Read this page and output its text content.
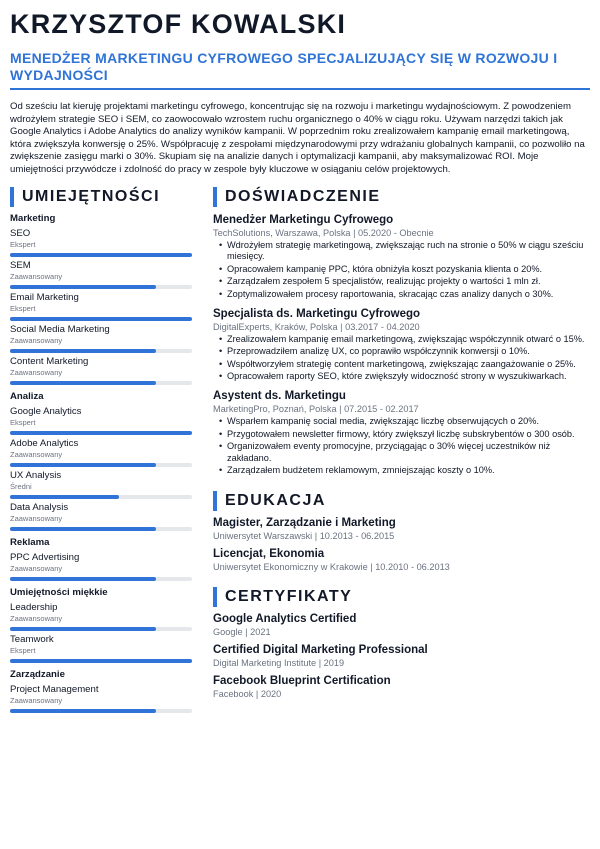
KRZYSZTOF KOWALSKI
MENEDŻER MARKETINGU CYFROWEGO SPECJALIZUJĄCY SIĘ W ROZWOJU I WYDAJNOŚCI
Od sześciu lat kieruję projektami marketingu cyfrowego, koncentrując się na rozwoju i marketingu wydajnościowym. Z powodzeniem wdrożyłem strategie SEO i SEM, co zaowocowało wzrostem ruchu organicznego o 40% w ciągu roku. Używam narzędzi takich jak Google Analytics i Adobe Analytics do analizy wyników kampanii. W poprzednim roku zrealizowałem kampanię email marketingową, która zwiększyła konwersję o 25%. Współpracuję z zespołami międzynarodowymi przy wdrażaniu globalnych kampanii, co pozwoliło na zwiększenie zasięgu marki o 30%. Skupiam się na analizie danych i optymalizacji kampanii, aby maksymalizować ROI. Moje umiejętności przywódcze i zdolność do pracy w zespole były kluczowe w osiąganiu celów projektowych.
UMIEJĘTNOŚCI
Marketing
SEO
Ekspert
SEM
Zaawansowany
Email Marketing
Ekspert
Social Media Marketing
Zaawansowany
Content Marketing
Zaawansowany
Analiza
Google Analytics
Ekspert
Adobe Analytics
Zaawansowany
UX Analysis
Średni
Data Analysis
Zaawansowany
Reklama
PPC Advertising
Zaawansowany
Umiejętności miękkie
Leadership
Zaawansowany
Teamwork
Ekspert
Zarządzanie
Project Management
Zaawansowany
DOŚWIADCZENIE
Menedżer Marketingu Cyfrowego
TechSolutions, Warszawa, Polska | 05.2020 - Obecnie
• Wdrożyłem strategię marketingową, zwiększając ruch na stronie o 50% w ciągu sześciu miesięcy.
• Opracowałem kampanię PPC, która obniżyła koszt pozyskania klienta o 20%.
• Zarządzałem zespołem 5 specjalistów, realizując projekty o wartości 1 mln zł.
• Zoptymalizowałem procesy raportowania, skracając czas analizy danych o 30%.
Specjalista ds. Marketingu Cyfrowego
DigitalExperts, Kraków, Polska | 03.2017 - 04.2020
• Zrealizowałem kampanię email marketingową, zwiększając współczynnik otwarć o 15%.
• Przeprowadziłem analizę UX, co poprawiło współczynnik konwersji o 10%.
• Współtworzyłem strategię content marketingową, zwiększając zaangażowanie o 25%.
• Opracowałem raporty SEO, które zwiększyły widoczność strony w wyszukiwarkach.
Asystent ds. Marketingu
MarketingPro, Poznań, Polska | 07.2015 - 02.2017
• Wsparłem kampanię social media, zwiększając liczbę obserwujących o 20%.
• Przygotowałem newsletter firmowy, który zwiększył liczbę subskrybentów o 300 osób.
• Organizowałem eventy promocyjne, przyciągając o 30% więcej uczestników niż zakładano.
• Zarządzałem budżetem reklamowym, zmniejszając koszty o 10%.
EDUKACJA
Magister, Zarządzanie i Marketing
Uniwersytet Warszawski | 10.2013 - 06.2015
Licencjat, Ekonomia
Uniwersytet Ekonomiczny w Krakowie | 10.2010 - 06.2013
CERTYFIKATY
Google Analytics Certified
Google | 2021
Certified Digital Marketing Professional
Digital Marketing Institute | 2019
Facebook Blueprint Certification
Facebook | 2020
